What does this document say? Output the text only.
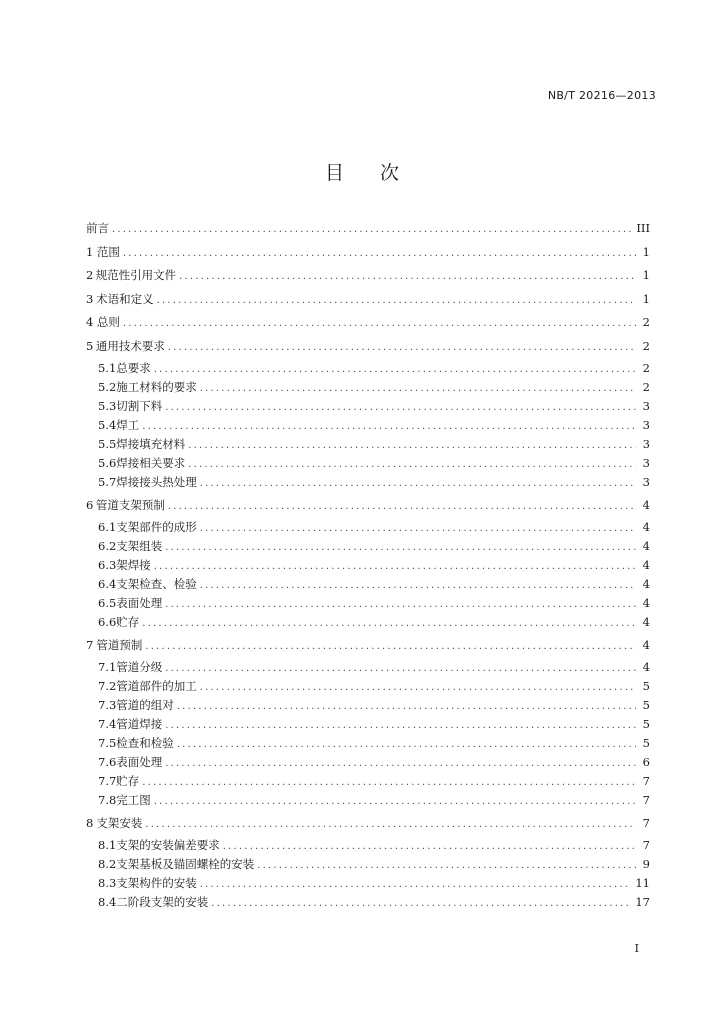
NB/T 20216—2013
目 次
前言 .....	III
1 范围 .....	1
2 规范性引用文件 .....	1
3 术语和定义 .....	1
4 总则 .....	2
5 通用技术要求 .....	2
5.1 总要求 .....	2
5.2 施工材料的要求 .....	2
5.3 切割下料 .....	3
5.4 焊工 .....	3
5.5 焊接填充材料 .....	3
5.6 焊接相关要求 .....	3
5.7 焊接接头热处理 .....	3
6 管道支架预制 .....	4
6.1 支架部件的成形 .....	4
6.2 支架组装 .....	4
6.3 架焊接 .....	4
6.4 支架检查、检验 .....	4
6.5 表面处理 .....	4
6.6 贮存 .....	4
7 管道预制 .....	4
7.1 管道分级 .....	4
7.2 管道部件的加工 .....	5
7.3 管道的组对 .....	5
7.4 管道焊接 .....	5
7.5 检查和检验 .....	5
7.6 表面处理 .....	6
7.7 贮存 .....	7
7.8 完工图 .....	7
8 支架安装 .....	7
8.1 支架的安装偏差要求 .....	7
8.2 支架基板及锚固螺栓的安装 .....	9
8.3 支架构件的安装 .....	11
8.4 二阶段支架的安装 .....	17
I
